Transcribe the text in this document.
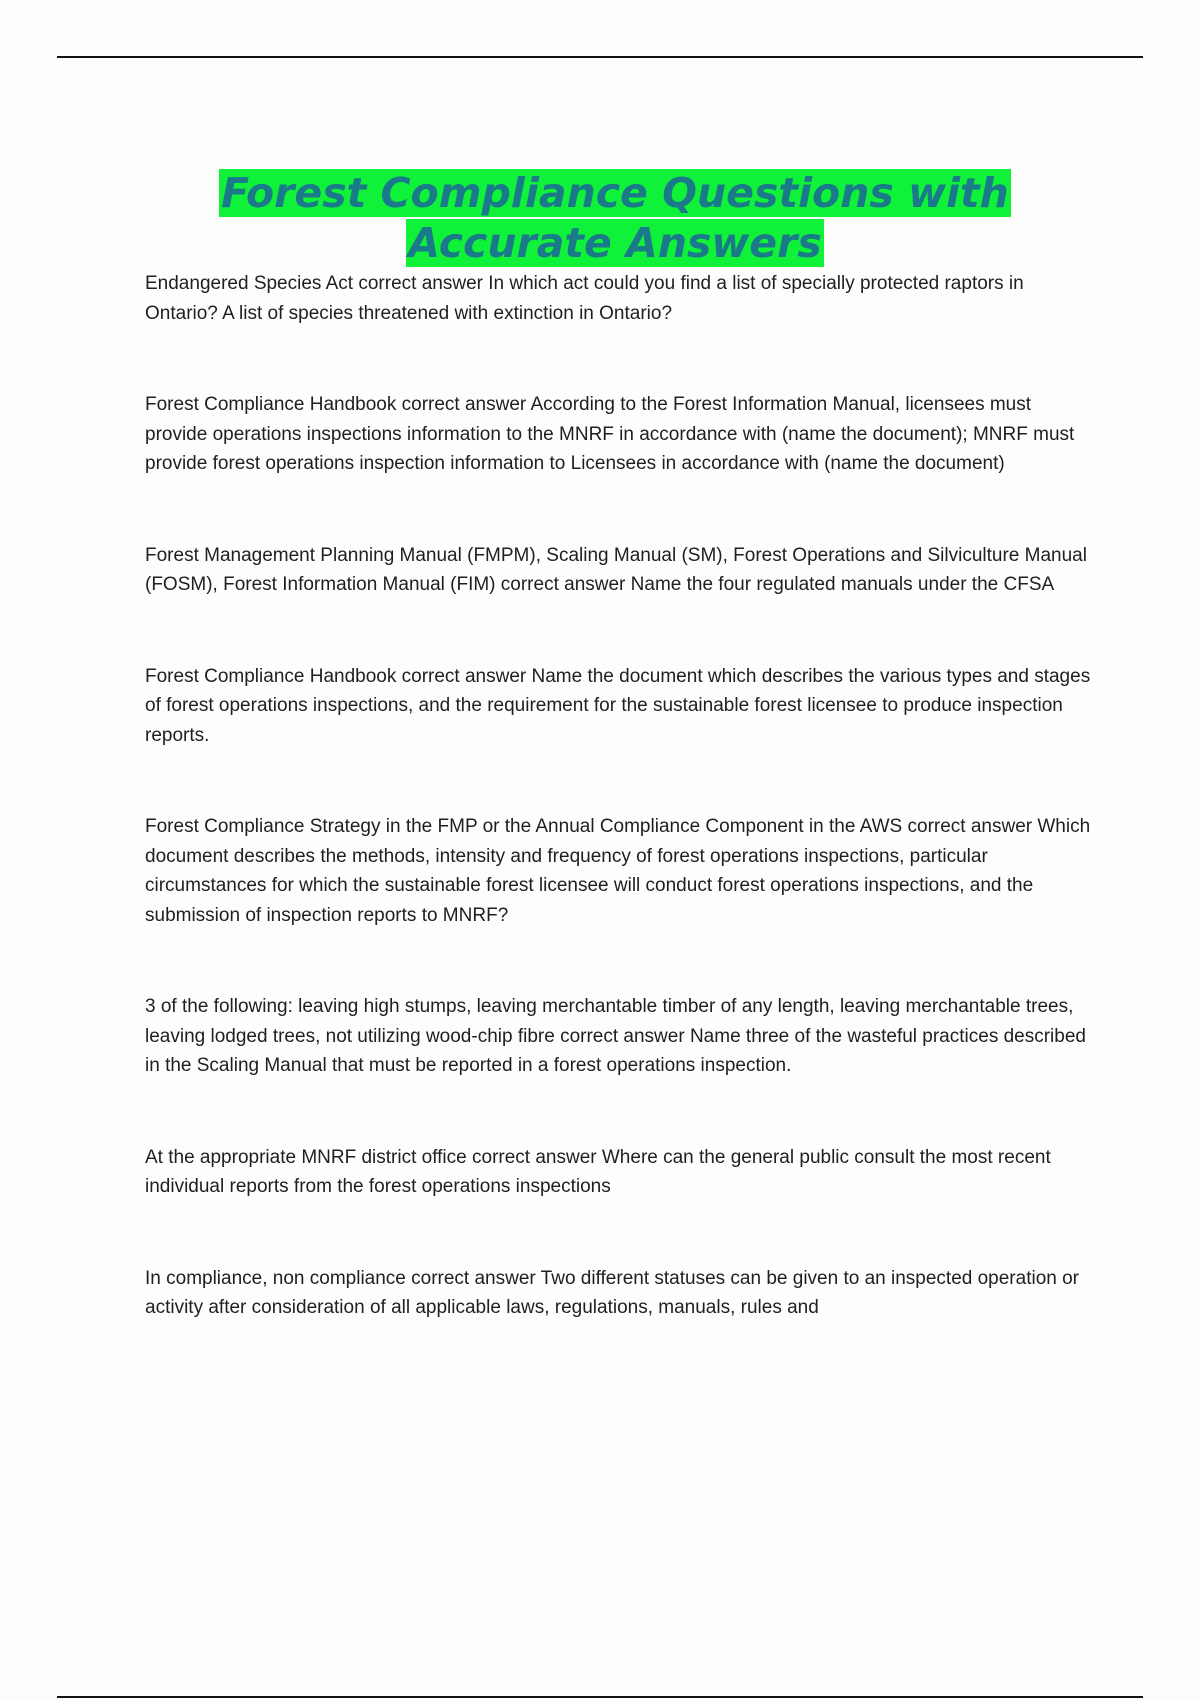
Forest Compliance Questions with
Accurate Answers

Endangered Species Act correct answer In which act could you find a list of specially protected raptors in Ontario? A list of species threatened with extinction in Ontario?

Forest Compliance Handbook correct answer According to the Forest Information Manual, licensees must provide operations inspections information to the MNRF in accordance with (name the document); MNRF must provide forest operations inspection information to Licensees in accordance with (name the document)

Forest Management Planning Manual (FMPM), Scaling Manual (SM), Forest Operations and Silviculture Manual (FOSM), Forest Information Manual (FIM) correct answer Name the four regulated manuals under the CFSA

Forest Compliance Handbook correct answer Name the document which describes the various types and stages of forest operations inspections, and the requirement for the sustainable forest licensee to produce inspection reports.

Forest Compliance Strategy in the FMP or the Annual Compliance Component in the AWS correct answer Which document describes the methods, intensity and frequency of forest operations inspections, particular circumstances for which the sustainable forest licensee will conduct forest operations inspections, and the submission of inspection reports to MNRF?

3 of the following: leaving high stumps, leaving merchantable timber of any length, leaving merchantable trees, leaving lodged trees, not utilizing wood-chip fibre correct answer Name three of the wasteful practices described in the Scaling Manual that must be reported in a forest operations inspection.

At the appropriate MNRF district office correct answer Where can the general public consult the most recent individual reports from the forest operations inspections

In compliance, non compliance correct answer Two different statuses can be given to an inspected operation or activity after consideration of all applicable laws, regulations, manuals, rules and
